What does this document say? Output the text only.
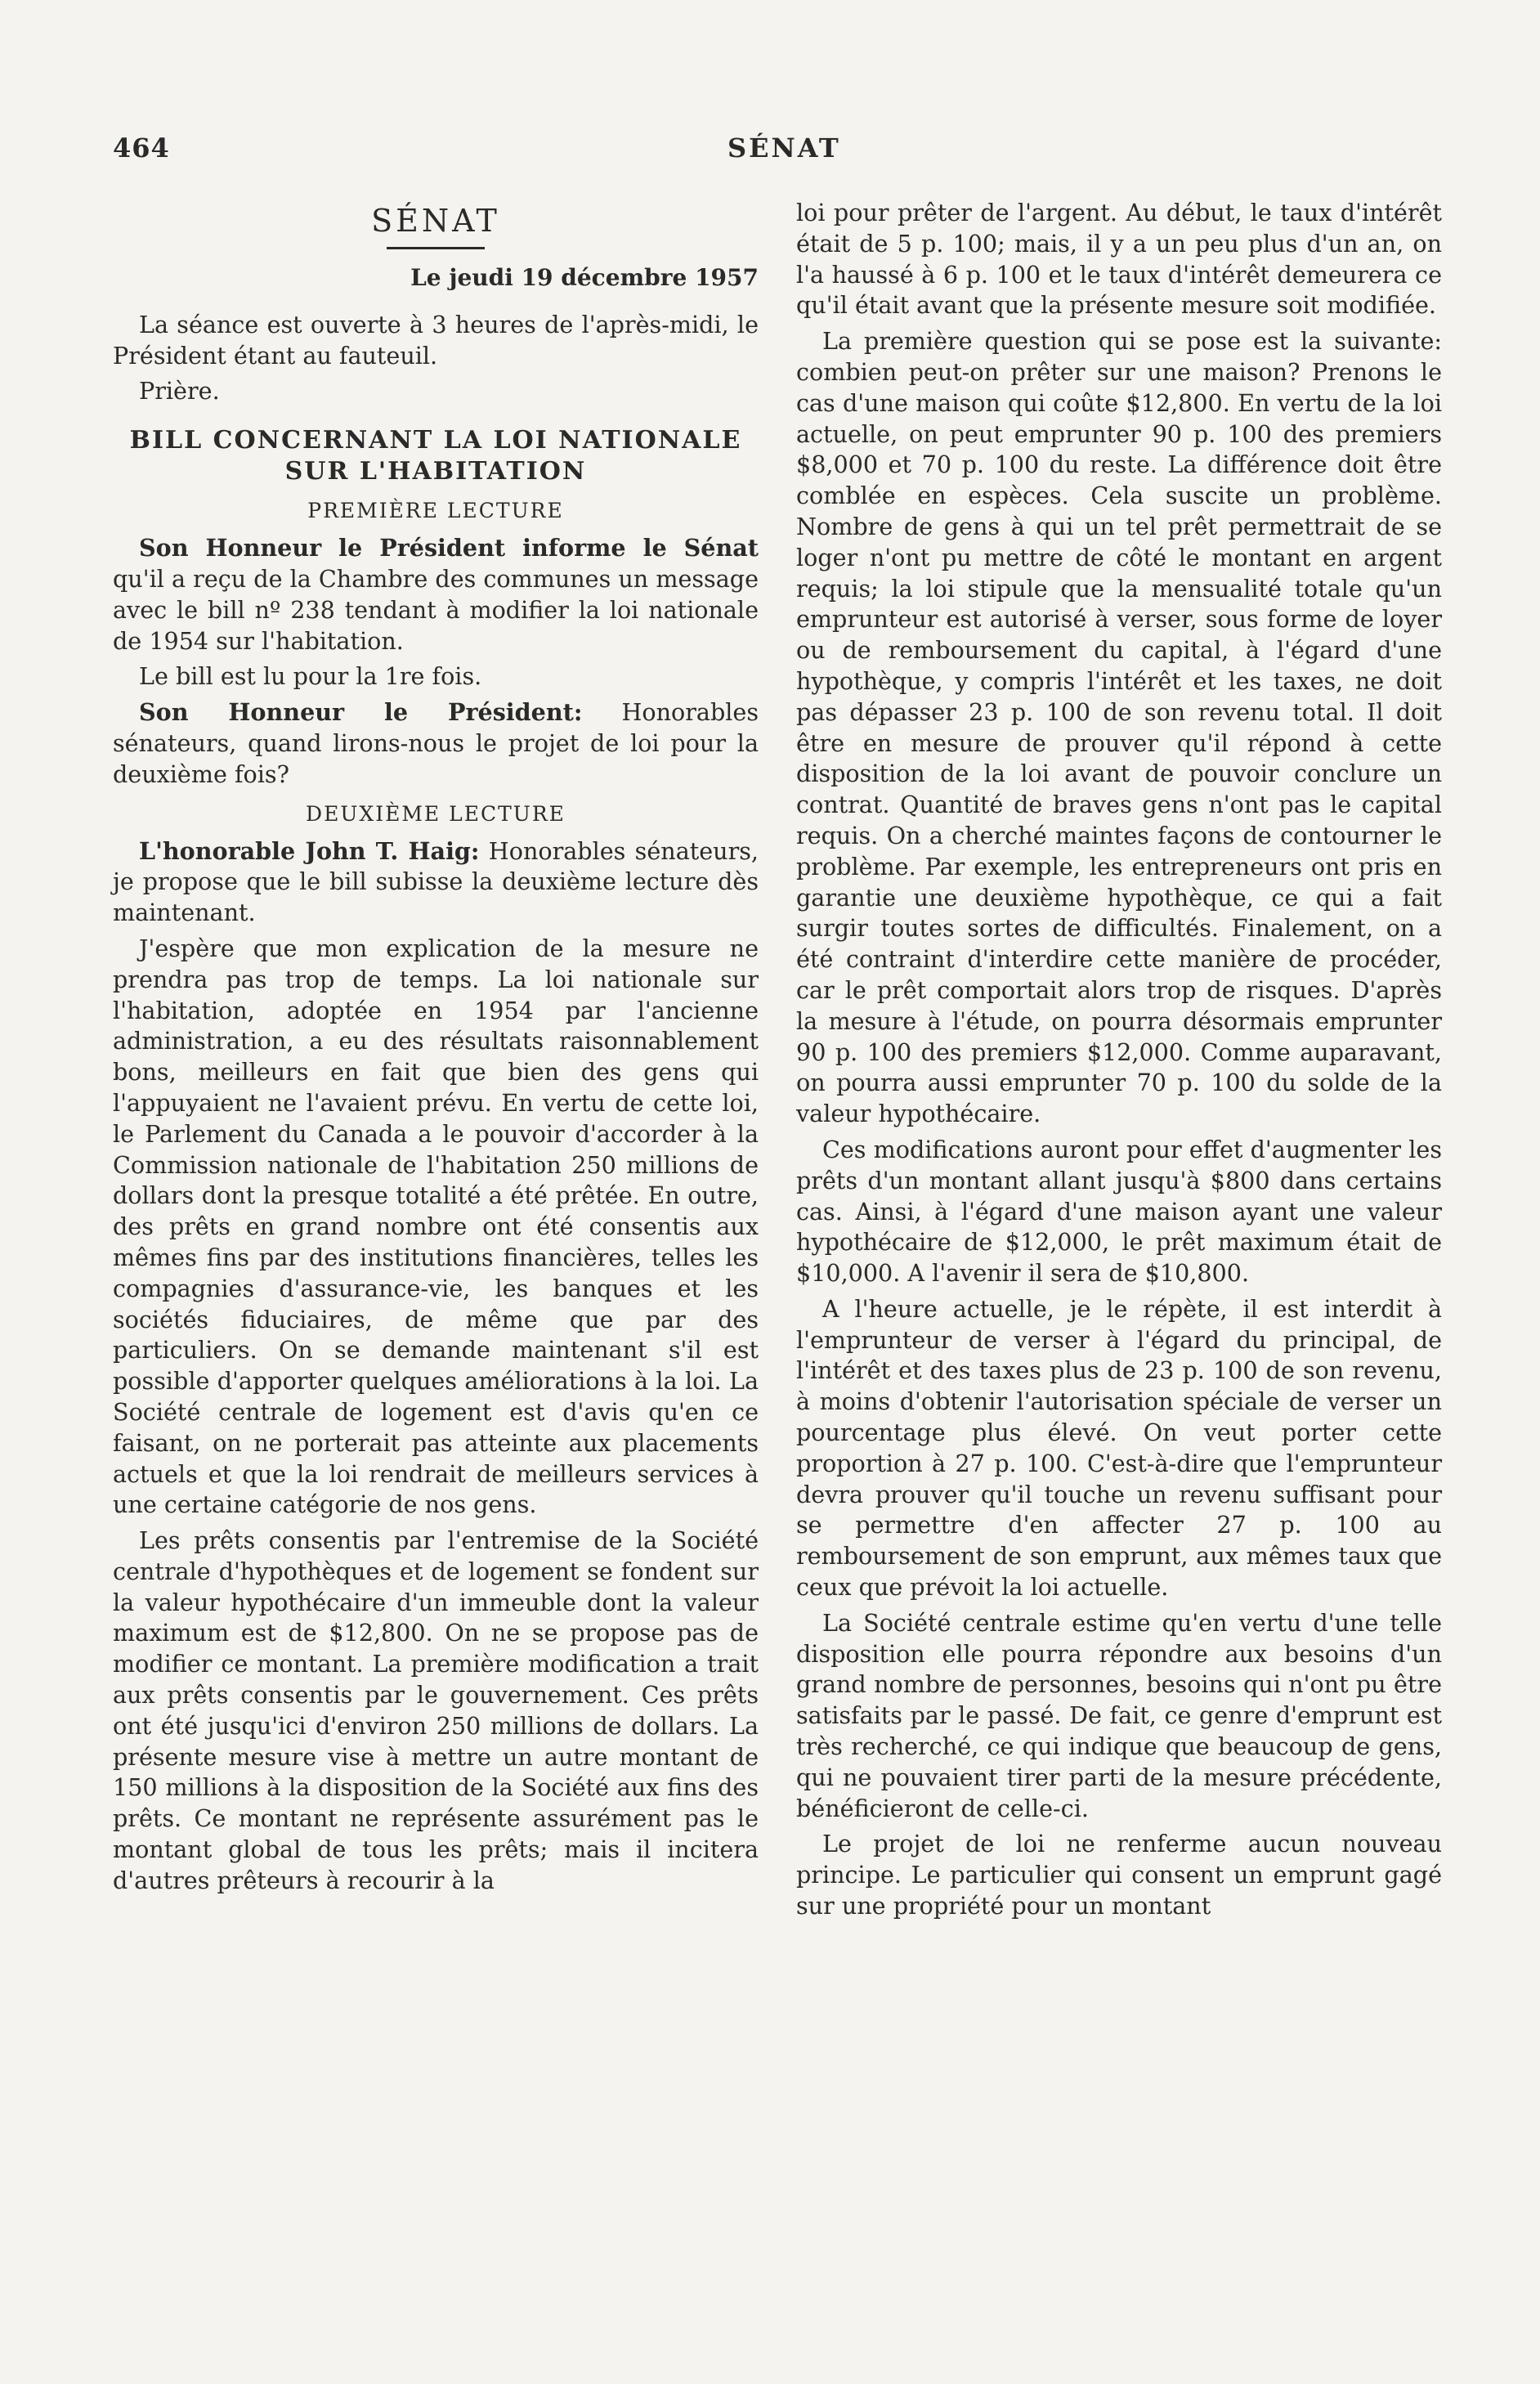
464	SÉNAT
SÉNAT
Le jeudi 19 décembre 1957

La séance est ouverte à 3 heures de l'après-midi, le Président étant au fauteuil.

Prière.

BILL CONCERNANT LA LOI NATIONALE
SUR L'HABITATION
PREMIÈRE LECTURE

Son Honneur le Président informe le Sénat qu'il a reçu de la Chambre des communes un message avec le bill nº 238 tendant à modifier la loi nationale de 1954 sur l'habitation.

Le bill est lu pour la 1re fois.

Son Honneur le Président: Honorables sénateurs, quand lirons-nous le projet de loi pour la deuxième fois?

DEUXIÈME LECTURE

L'honorable John T. Haig: Honorables sénateurs, je propose que le bill subisse la deuxième lecture dès maintenant.

J'espère que mon explication de la mesure ne prendra pas trop de temps. La loi nationale sur l'habitation, adoptée en 1954 par l'ancienne administration, a eu des résultats raisonnablement bons, meilleurs en fait que bien des gens qui l'appuyaient ne l'avaient prévu. En vertu de cette loi, le Parlement du Canada a le pouvoir d'accorder à la Commission nationale de l'habitation 250 millions de dollars dont la presque totalité a été prêtée. En outre, des prêts en grand nombre ont été consentis aux mêmes fins par des institutions financières, telles les compagnies d'assurance-vie, les banques et les sociétés fiduciaires, de même que par des particuliers. On se demande maintenant s'il est possible d'apporter quelques améliorations à la loi. La Société centrale de logement est d'avis qu'en ce faisant, on ne porterait pas atteinte aux placements actuels et que la loi rendrait de meilleurs services à une certaine catégorie de nos gens.

Les prêts consentis par l'entremise de la Société centrale d'hypothèques et de logement se fondent sur la valeur hypothécaire d'un immeuble dont la valeur maximum est de $12,800. On ne se propose pas de modifier ce montant. La première modification a trait aux prêts consentis par le gouvernement. Ces prêts ont été jusqu'ici d'environ 250 millions de dollars. La présente mesure vise à mettre un autre montant de 150 millions à la disposition de la Société aux fins des prêts. Ce montant ne représente assurément pas le montant global de tous les prêts; mais il incitera d'autres prêteurs à recourir à la

loi pour prêter de l'argent. Au début, le taux d'intérêt était de 5 p. 100; mais, il y a un peu plus d'un an, on l'a haussé à 6 p. 100 et le taux d'intérêt demeurera ce qu'il était avant que la présente mesure soit modifiée.

La première question qui se pose est la suivante: combien peut-on prêter sur une maison? Prenons le cas d'une maison qui coûte $12,800. En vertu de la loi actuelle, on peut emprunter 90 p. 100 des premiers $8,000 et 70 p. 100 du reste. La différence doit être comblée en espèces. Cela suscite un problème. Nombre de gens à qui un tel prêt permettrait de se loger n'ont pu mettre de côté le montant en argent requis; la loi stipule que la mensualité totale qu'un emprunteur est autorisé à verser, sous forme de loyer ou de remboursement du capital, à l'égard d'une hypothèque, y compris l'intérêt et les taxes, ne doit pas dépasser 23 p. 100 de son revenu total. Il doit être en mesure de prouver qu'il répond à cette disposition de la loi avant de pouvoir conclure un contrat. Quantité de braves gens n'ont pas le capital requis. On a cherché maintes façons de contourner le problème. Par exemple, les entrepreneurs ont pris en garantie une deuxième hypothèque, ce qui a fait surgir toutes sortes de difficultés. Finalement, on a été contraint d'interdire cette manière de procéder, car le prêt comportait alors trop de risques. D'après la mesure à l'étude, on pourra désormais emprunter 90 p. 100 des premiers $12,000. Comme auparavant, on pourra aussi emprunter 70 p. 100 du solde de la valeur hypothécaire.

Ces modifications auront pour effet d'augmenter les prêts d'un montant allant jusqu'à $800 dans certains cas. Ainsi, à l'égard d'une maison ayant une valeur hypothécaire de $12,000, le prêt maximum était de $10,000. A l'avenir il sera de $10,800.

A l'heure actuelle, je le répète, il est interdit à l'emprunteur de verser à l'égard du principal, de l'intérêt et des taxes plus de 23 p. 100 de son revenu, à moins d'obtenir l'autorisation spéciale de verser un pourcentage plus élevé. On veut porter cette proportion à 27 p. 100. C'est-à-dire que l'emprunteur devra prouver qu'il touche un revenu suffisant pour se permettre d'en affecter 27 p. 100 au remboursement de son emprunt, aux mêmes taux que ceux que prévoit la loi actuelle.

La Société centrale estime qu'en vertu d'une telle disposition elle pourra répondre aux besoins d'un grand nombre de personnes, besoins qui n'ont pu être satisfaits par le passé. De fait, ce genre d'emprunt est très recherché, ce qui indique que beaucoup de gens, qui ne pouvaient tirer parti de la mesure précédente, bénéficieront de celle-ci.

Le projet de loi ne renferme aucun nouveau principe. Le particulier qui consent un emprunt gagé sur une propriété pour un montant
